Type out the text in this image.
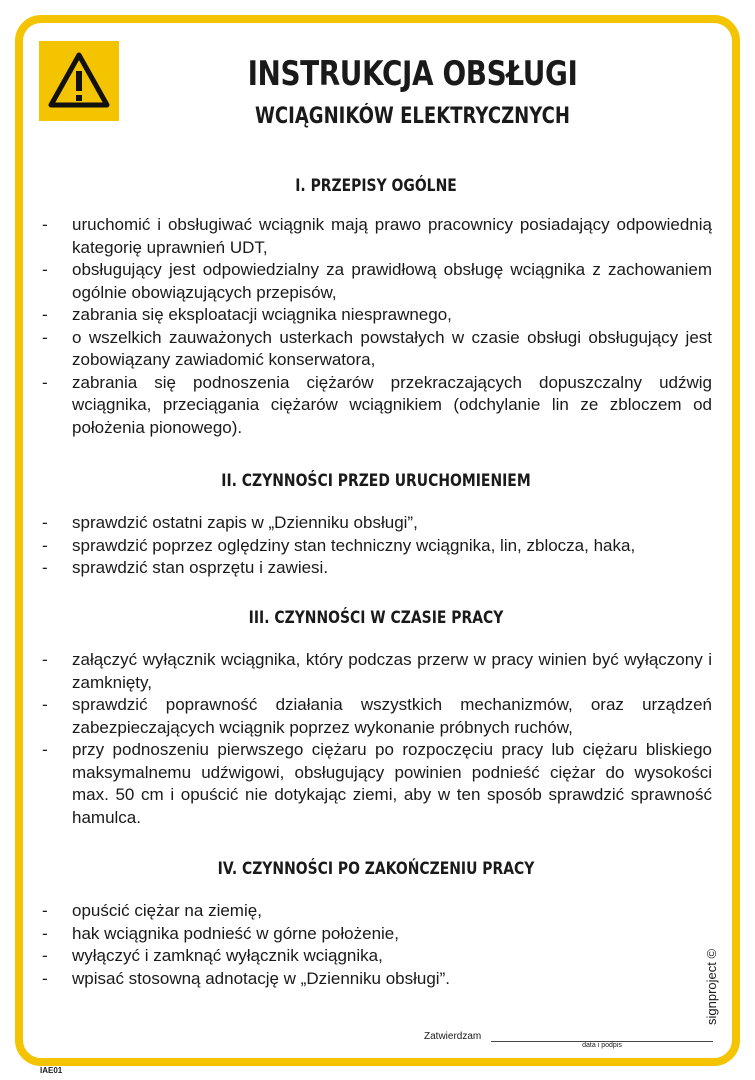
INSTRUKCJA OBSŁUGI
WCIĄGNIKÓW ELEKTRYCZNYCH
I. PRZEPISY OGÓLNE
- uruchomić i obsługiwać wciągnik mają prawo pracownicy posiadający odpowiednią kategorię uprawnień UDT,
- obsługujący jest odpowiedzialny za prawidłową obsługę wciągnika z zachowaniem ogólnie obowiązujących przepisów,
- zabrania się eksploatacji wciągnika niesprawnego,
- o wszelkich zauważonych usterkach powstałych w czasie obsługi obsługujący jest zobowiązany zawiadomić konserwatora,
- zabrania się podnoszenia ciężarów przekraczających dopuszczalny udźwig wciągnika, przeciągania ciężarów wciągnikiem (odchylanie lin ze zbloczem od położenia pionowego).
II. CZYNNOŚCI PRZED URUCHOMIENIEM
- sprawdzić ostatni zapis w „Dzienniku obsługi”,
- sprawdzić poprzez oględziny stan techniczny wciągnika, lin, zblocza, haka,
- sprawdzić stan osprzętu i zawiesi.
III. CZYNNOŚCI W CZASIE PRACY
- załączyć wyłącznik wciągnika, który podczas przerw w pracy winien być wyłączony i zamknięty,
- sprawdzić poprawność działania wszystkich mechanizmów, oraz urządzeń zabezpieczających wciągnik poprzez wykonanie próbnych ruchów,
- przy podnoszeniu pierwszego ciężaru po rozpoczęciu pracy lub ciężaru bliskiego maksymalnemu udźwigowi, obsługujący powinien podnieść ciężar do wysokości max. 50 cm i opuścić nie dotykając ziemi, aby w ten sposób sprawdzić sprawność hamulca.
IV. CZYNNOŚCI PO ZAKOŃCZENIU PRACY
- opuścić ciężar na ziemię,
- hak wciągnika podnieść w górne położenie,
- wyłączyć i zamknąć wyłącznik wciągnika,
- wpisać stosowną adnotację w „Dzienniku obsługi”.
Zatwierdzam
data i podpis
signproject ©
IAE01
